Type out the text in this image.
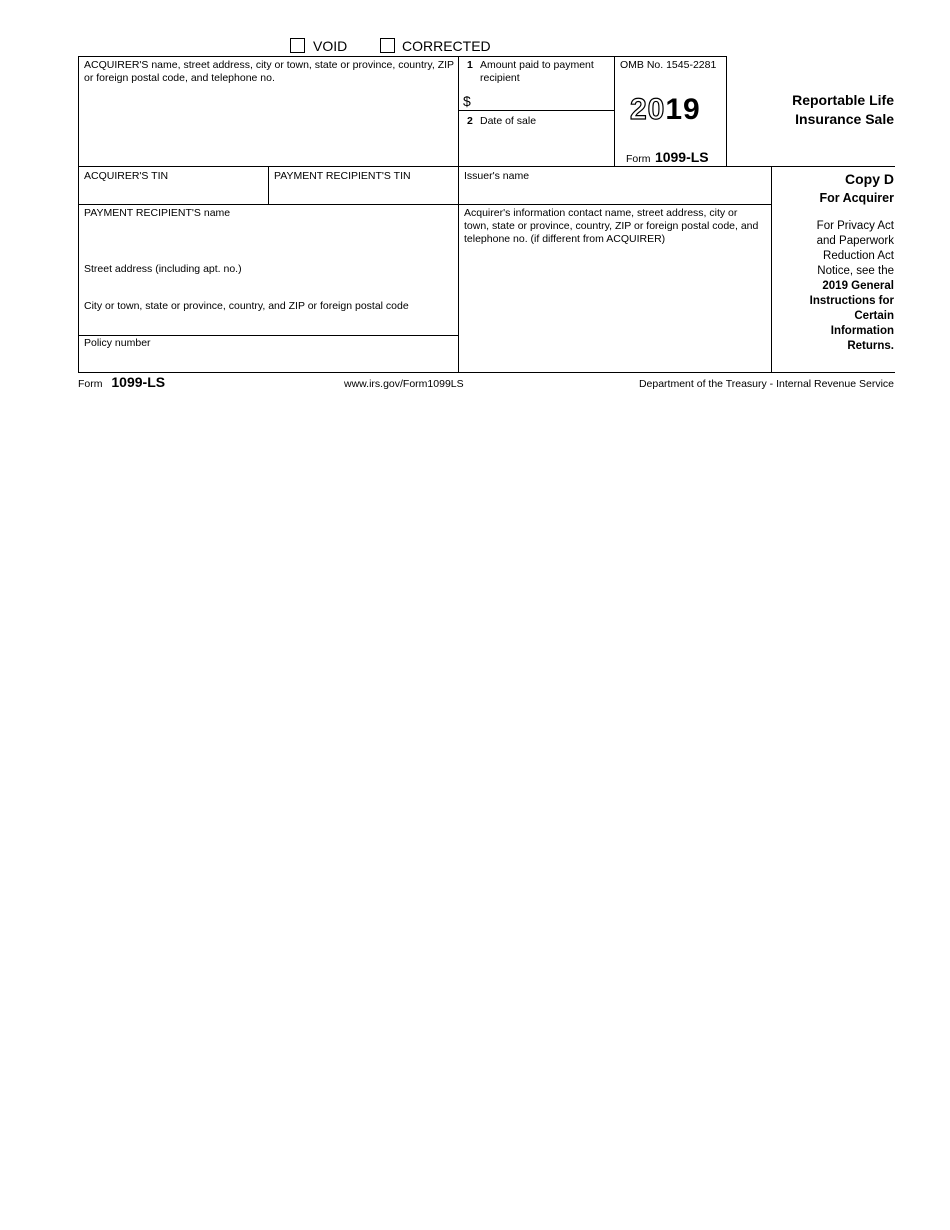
VOID	CORRECTED
ACQUIRER'S name, street address, city or town, state or province, country, ZIP or foreign postal code, and telephone no.
1 Amount paid to payment recipient
$
2 Date of sale
OMB No. 1545-2281
2019
Form 1099-LS
Reportable Life
Insurance Sale
ACQUIRER'S TIN	PAYMENT RECIPIENT'S TIN	Issuer's name
PAYMENT RECIPIENT'S name
Street address (including apt. no.)
City or town, state or province, country, and ZIP or foreign postal code
Policy number
Acquirer's information contact name, street address, city or town, state or province, country, ZIP or foreign postal code, and telephone no. (if different from ACQUIRER)
Copy D
For Acquirer
For Privacy Act
and Paperwork
Reduction Act
Notice, see the
2019 General
Instructions for
Certain
Information
Returns.
Form 1099-LS	www.irs.gov/Form1099LS	Department of the Treasury - Internal Revenue Service
